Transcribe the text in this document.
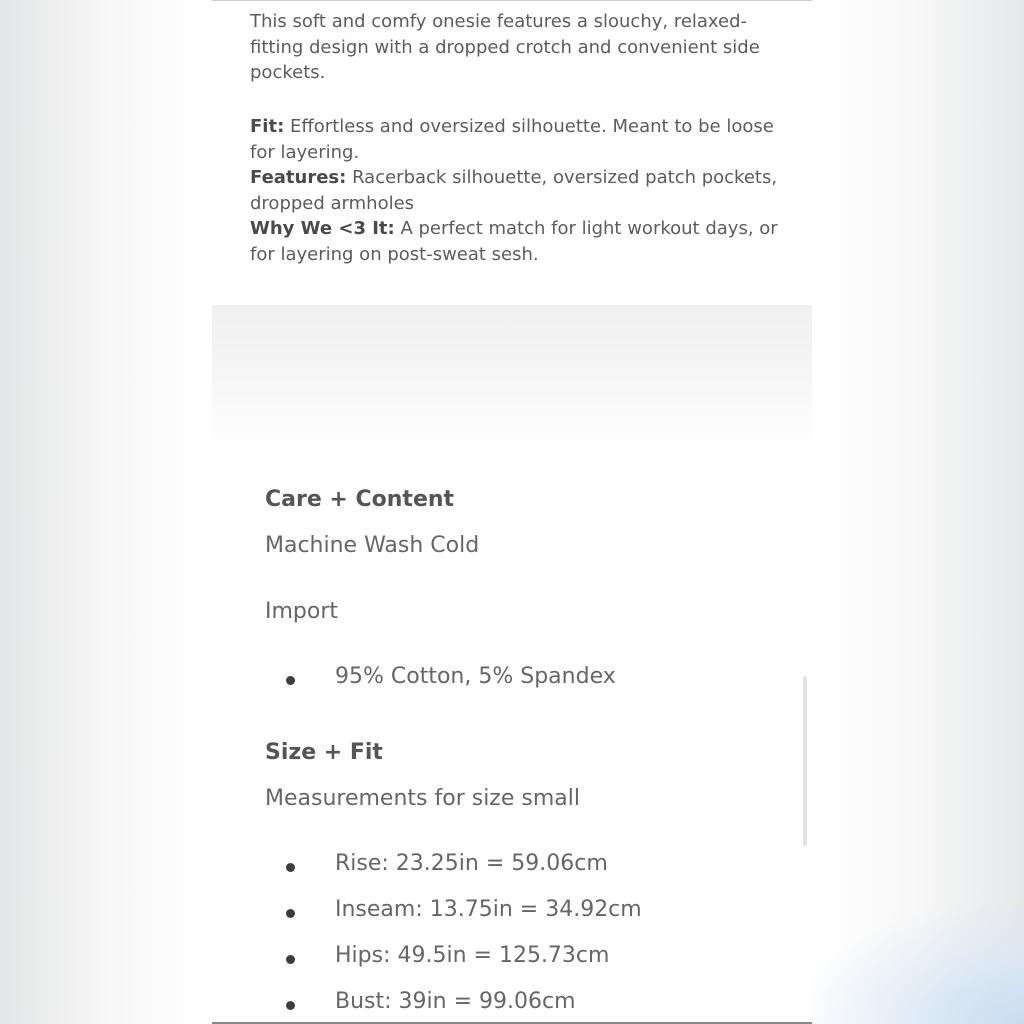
This soft and comfy onesie features a slouchy, relaxed-fitting design with a dropped crotch and convenient side pockets.

Fit: Effortless and oversized silhouette. Meant to be loose for layering.

Features: Racerback silhouette, oversized patch pockets, dropped armholes

Why We <3 It: A perfect match for light workout days, or for layering on post-sweat sesh.

Care + Content

Machine Wash Cold

Import

95% Cotton, 5% Spandex
Size + Fit

Measurements for size small

Rise: 23.25in = 59.06cm
Inseam: 13.75in = 34.92cm
Hips: 49.5in = 125.73cm
Bust: 39in = 99.06cm
